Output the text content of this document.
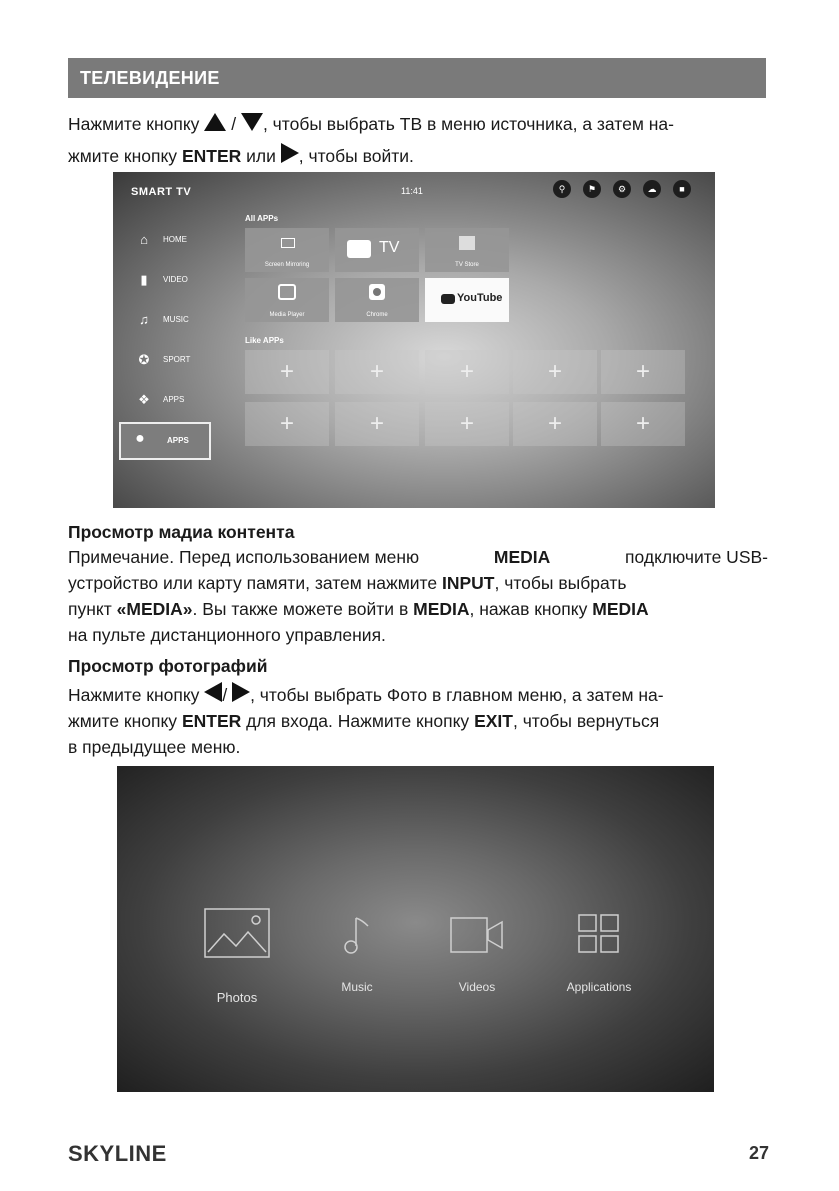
ТЕЛЕВИДЕНИЕ
Нажмите кнопку / , чтобы выбрать ТВ в меню источника, а затем на-
жмите кнопку ENTER или , чтобы войти.
SMART TV	11:41	⚲	⚑	⚙	☁	■
⌂	HOME
▮	VIDEO
♫ MUSIC
✪ SPORT
❖ APPS
●	APPS
All APPs
Screen Mirroring
TV
TV Store
Media Player	Chrome
YouTube
Like APPs
+	+	+	+	+
+	+	+	+	+
Просмотр мадиа контента
Примечание. Перед использованием меню	MEDIA	подключите USB-
устройство или карту памяти, затем нажмите INPUT, чтобы выбрать
пункт «MEDIA». Вы также можете войти в MEDIA, нажав кнопку MEDIA
на пульте дистанционного управления.
Просмотр фотографий
Нажмите кнопку / , чтобы выбрать Фото в главном меню, а затем на-
жмите кнопку ENTER для входа. Нажмите кнопку EXIT, чтобы вернуться
в предыдущее меню.
Photos
Music	Videos	Applications
SKYLINE	27
